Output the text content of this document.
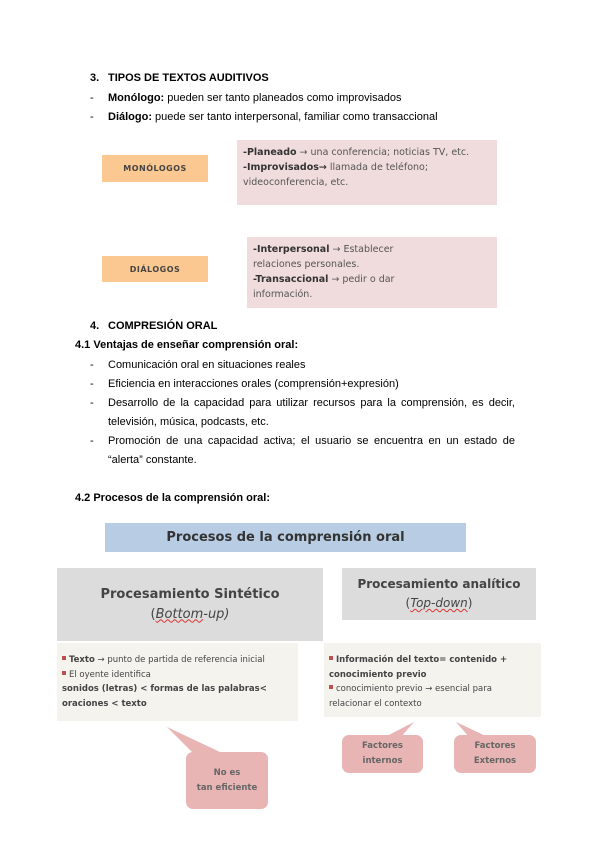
3. TIPOS DE TEXTOS AUDITIVOS
- Monólogo: pueden ser tanto planeados como improvisados
- Diálogo: puede ser tanto interpersonal, familiar como transaccional
MONÓLOGOS
-Planeado → una conferencia; noticias TV, etc.
-Improvisados→ llamada de teléfono; videoconferencia, etc.
DIÁLOGOS
-Interpersonal → Establecer relaciones personales.
-Transaccional → pedir o dar información.
4. COMPRESIÓN ORAL
4.1 Ventajas de enseñar comprensión oral:
- Comunicación oral en situaciones reales
- Eficiencia en interacciones orales (comprensión+expresión)
- Desarrollo de la capacidad para utilizar recursos para la comprensión, es decir, televisión, música, podcasts, etc.
- Promoción de una capacidad activa; el usuario se encuentra en un estado de “alerta” constante.
4.2 Procesos de la comprensión oral:
Procesos de la comprensión oral
Procesamiento Sintético
(Bottom-up)
Procesamiento analítico
(Top-down)
Texto → punto de partida de referencia inicial
El oyente identifica
sonidos (letras) < formas de las palabras< oraciones < texto
Información del texto= contenido + conocimiento previo
conocimiento previo → esencial para relacionar el contexto
No es
tan eficiente
Factores
internos
Factores
Externos
